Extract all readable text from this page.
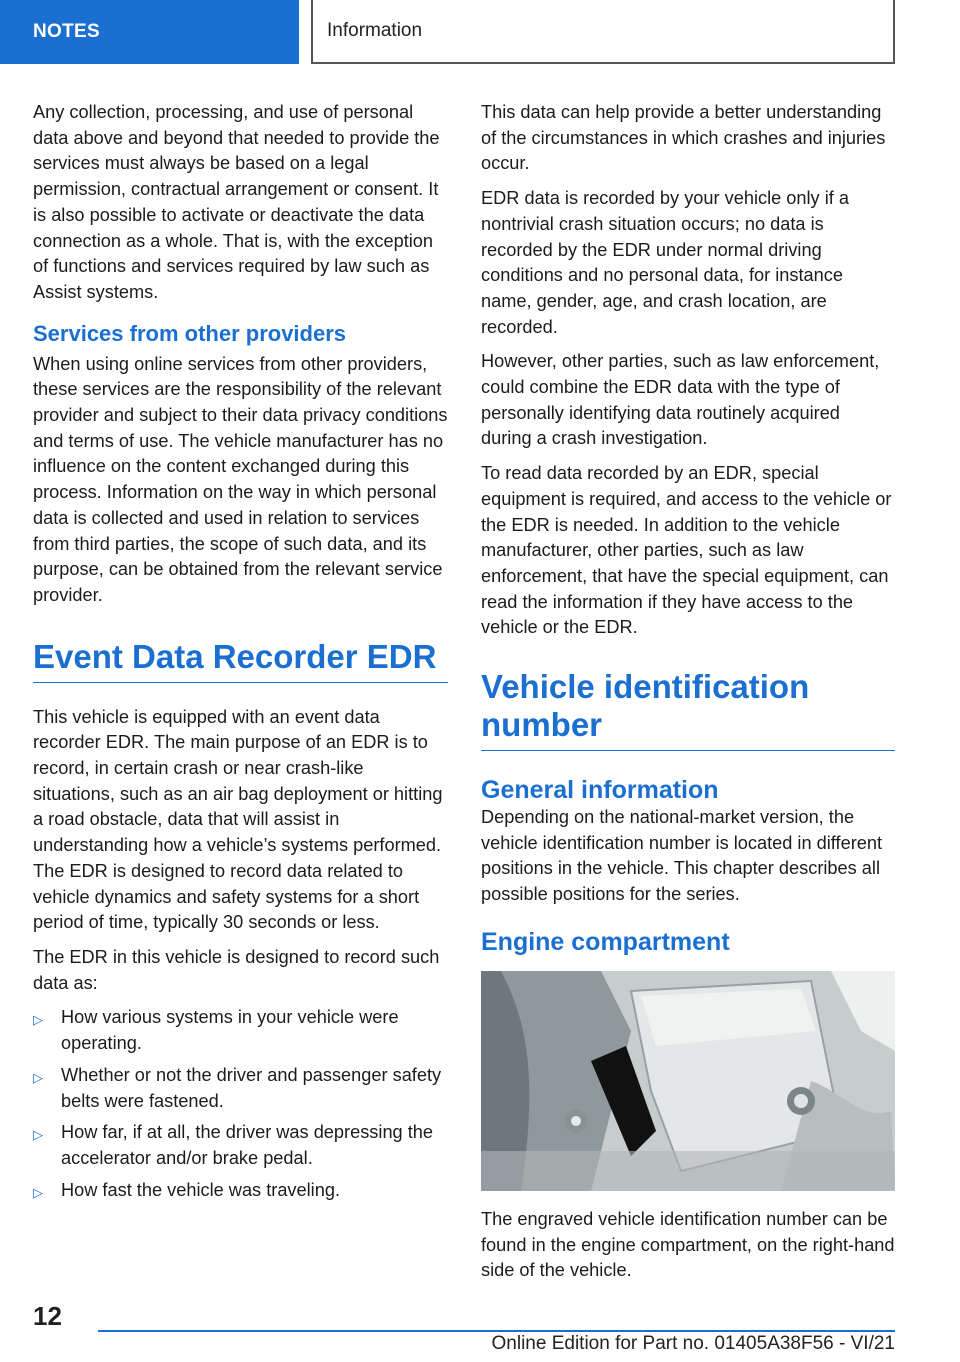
NOTES	Information

Any collection, processing, and use of personal data above and beyond that needed to provide the services must always be based on a legal permission, contractual arrangement or consent. It is also possible to activate or deactivate the data connection as a whole. That is, with the exception of functions and services required by law such as Assist systems.

Services from other providers

When using online services from other providers, these services are the responsibility of the relevant provider and subject to their data privacy conditions and terms of use. The vehicle manufacturer has no influence on the content exchanged during this process. Information on the way in which personal data is collected and used in relation to services from third parties, the scope of such data, and its purpose, can be obtained from the relevant service provider.

Event Data Recorder EDR

This vehicle is equipped with an event data recorder EDR. The main purpose of an EDR is to record, in certain crash or near crash-like situations, such as an air bag deployment or hitting a road obstacle, data that will assist in understanding how a vehicle’s systems performed. The EDR is designed to record data related to vehicle dynamics and safety systems for a short period of time, typically 30 seconds or less.

The EDR in this vehicle is designed to record such data as:

▷ How various systems in your vehicle were operating.
▷ Whether or not the driver and passenger safety belts were fastened.
▷ How far, if at all, the driver was depressing the accelerator and/or brake pedal.
▷ How fast the vehicle was traveling.

This data can help provide a better understanding of the circumstances in which crashes and injuries occur.

EDR data is recorded by your vehicle only if a nontrivial crash situation occurs; no data is recorded by the EDR under normal driving conditions and no personal data, for instance name, gender, age, and crash location, are recorded.

However, other parties, such as law enforcement, could combine the EDR data with the type of personally identifying data routinely acquired during a crash investigation.

To read data recorded by an EDR, special equipment is required, and access to the vehicle or the EDR is needed. In addition to the vehicle manufacturer, other parties, such as law enforcement, that have the special equipment, can read the information if they have access to the vehicle or the EDR.

Vehicle identification number
General information

Depending on the national-market version, the vehicle identification number is located in different positions in the vehicle. This chapter describes all possible positions for the series.

Engine compartment

The engraved vehicle identification number can be found in the engine compartment, on the right-hand side of the vehicle.

12
Online Edition for Part no. 01405A38F56 - VI/21
